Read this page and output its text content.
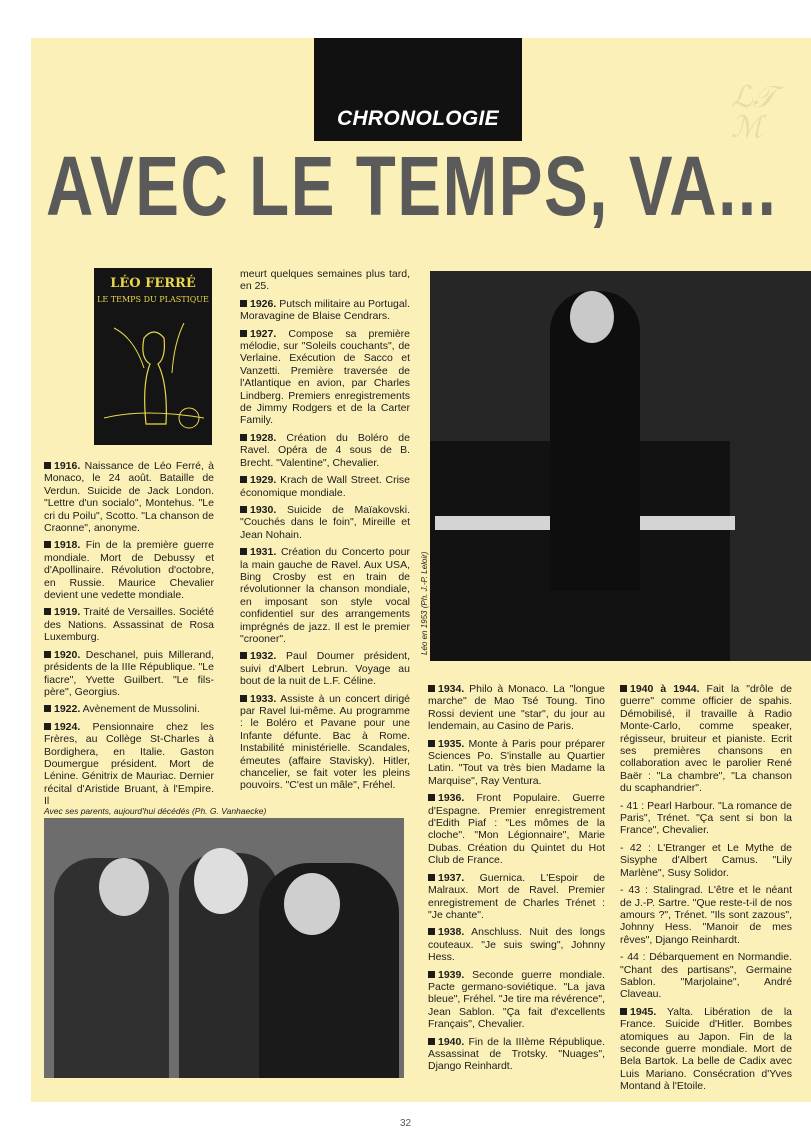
ℒ𝒯 ℳ
CHRONOLOGIE
AVEC LE TEMPS, VA...
LÉO FERRÉ
LE TEMPS DU PLASTIQUE

1916. Naissance de Léo Ferré, à Monaco, le 24 août. Bataille de Verdun. Suicide de Jack London. "Lettre d'un socialo", Montehus. "Le cri du Poilu", Scotto. "La chanson de Craonne", anonyme.

1918. Fin de la première guerre mondiale. Mort de Debussy et d'Apollinaire. Révolution d'octobre, en Russie. Maurice Chevalier devient une vedette mondiale.

1919. Traité de Versailles. Société des Nations. Assassinat de Rosa Luxemburg.

1920. Deschanel, puis Millerand, présidents de la IIIe République. "Le fiacre", Yvette Guilbert. "Le fils-père", Georgius.

1922. Avènement de Mussolini.

1924. Pensionnaire chez les Frères, au Collège St-Charles à Bordighera, en Italie. Gaston Doumergue président. Mort de Lénine. Génitrix de Mauriac. Dernier récital d'Aristide Bruant, à l'Empire. Il

meurt quelques semaines plus tard, en 25.

1926. Putsch militaire au Portugal. Moravagine de Blaise Cendrars.

1927. Compose sa première mélodie, sur "Soleils couchants", de Verlaine. Exécution de Sacco et Vanzetti. Première traversée de l'Atlantique en avion, par Charles Lindberg. Premiers enregistrements de Jimmy Rodgers et de la Carter Family.

1928. Création du Boléro de Ravel. Opéra de 4 sous de B. Brecht. "Valentine", Chevalier.

1929. Krach de Wall Street. Crise économique mondiale.

1930. Suicide de Maïakovski. "Couchés dans le foin", Mireille et Jean Nohain.

1931. Création du Concerto pour la main gauche de Ravel. Aux USA, Bing Crosby est en train de révolutionner la chanson mondiale, en imposant son style vocal confidentiel sur des arrangements imprégnés de jazz. Il est le premier "crooner".

1932. Paul Doumer président, suivi d'Albert Lebrun. Voyage au bout de la nuit de L.F. Céline.

1933. Assiste à un concert dirigé par Ravel lui-même. Au programme : le Boléro et Pavane pour une Infante défunte. Bac à Rome. Instabilité ministérielle. Scandales, émeutes (affaire Stavisky). Hitler, chancelier, se fait voter les pleins pouvoirs. "C'est un mâle", Fréhel.

Léo en 1953 (Ph. J.-P. Leloir)
Avec ses parents, aujourd'hui décédés (Ph. G. Vanhaecke)

1934. Philo à Monaco. La "longue marche" de Mao Tsé Toung. Tino Rossi devient une "star", du jour au lendemain, au Casino de Paris.

1935. Monte à Paris pour préparer Sciences Po. S'installe au Quartier Latin. "Tout va très bien Madame la Marquise", Ray Ventura.

1936. Front Populaire. Guerre d'Espagne. Premier enregistrement d'Edith Piaf : "Les mômes de la cloche". "Mon Légionnaire", Marie Dubas. Création du Quintet du Hot Club de France.

1937. Guernica. L'Espoir de Malraux. Mort de Ravel. Premier enregistrement de Charles Trénet : "Je chante".

1938. Anschluss. Nuit des longs couteaux. "Je suis swing", Johnny Hess.

1939. Seconde guerre mondiale. Pacte germano-soviétique. "La java bleue", Fréhel. "Je tire ma révérence", Jean Sablon. "Ça fait d'excellents Français", Chevalier.

1940. Fin de la IIIème République. Assassinat de Trotsky. "Nuages", Django Reinhardt.

1940 à 1944. Fait la "drôle de guerre" comme officier de spahis. Démobilisé, il travaille à Radio Monte-Carlo, comme speaker, régisseur, bruiteur et pianiste. Ecrit ses premières chansons en collaboration avec le parolier René Baër : "La chambre", "La chanson du scaphandrier".

- 41 : Pearl Harbour. "La romance de Paris", Trénet. "Ça sent si bon la France", Chevalier.

- 42 : L'Etranger et Le Mythe de Sisyphe d'Albert Camus. "Lily Marlène", Susy Solidor.

- 43 : Stalingrad. L'être et le néant de J.-P. Sartre. "Que reste-t-il de nos amours ?", Trénet. "Ils sont zazous", Johnny Hess. "Manoir de mes rêves", Django Reinhardt.

- 44 : Débarquement en Normandie. "Chant des partisans", Germaine Sablon. "Marjolaine", André Claveau.

1945. Yalta. Libération de la France. Suicide d'Hitler. Bombes atomiques au Japon. Fin de la seconde guerre mondiale. Mort de Bela Bartok. La belle de Cadix avec Luis Mariano. Consécration d'Yves Montand à l'Etoile.

32
